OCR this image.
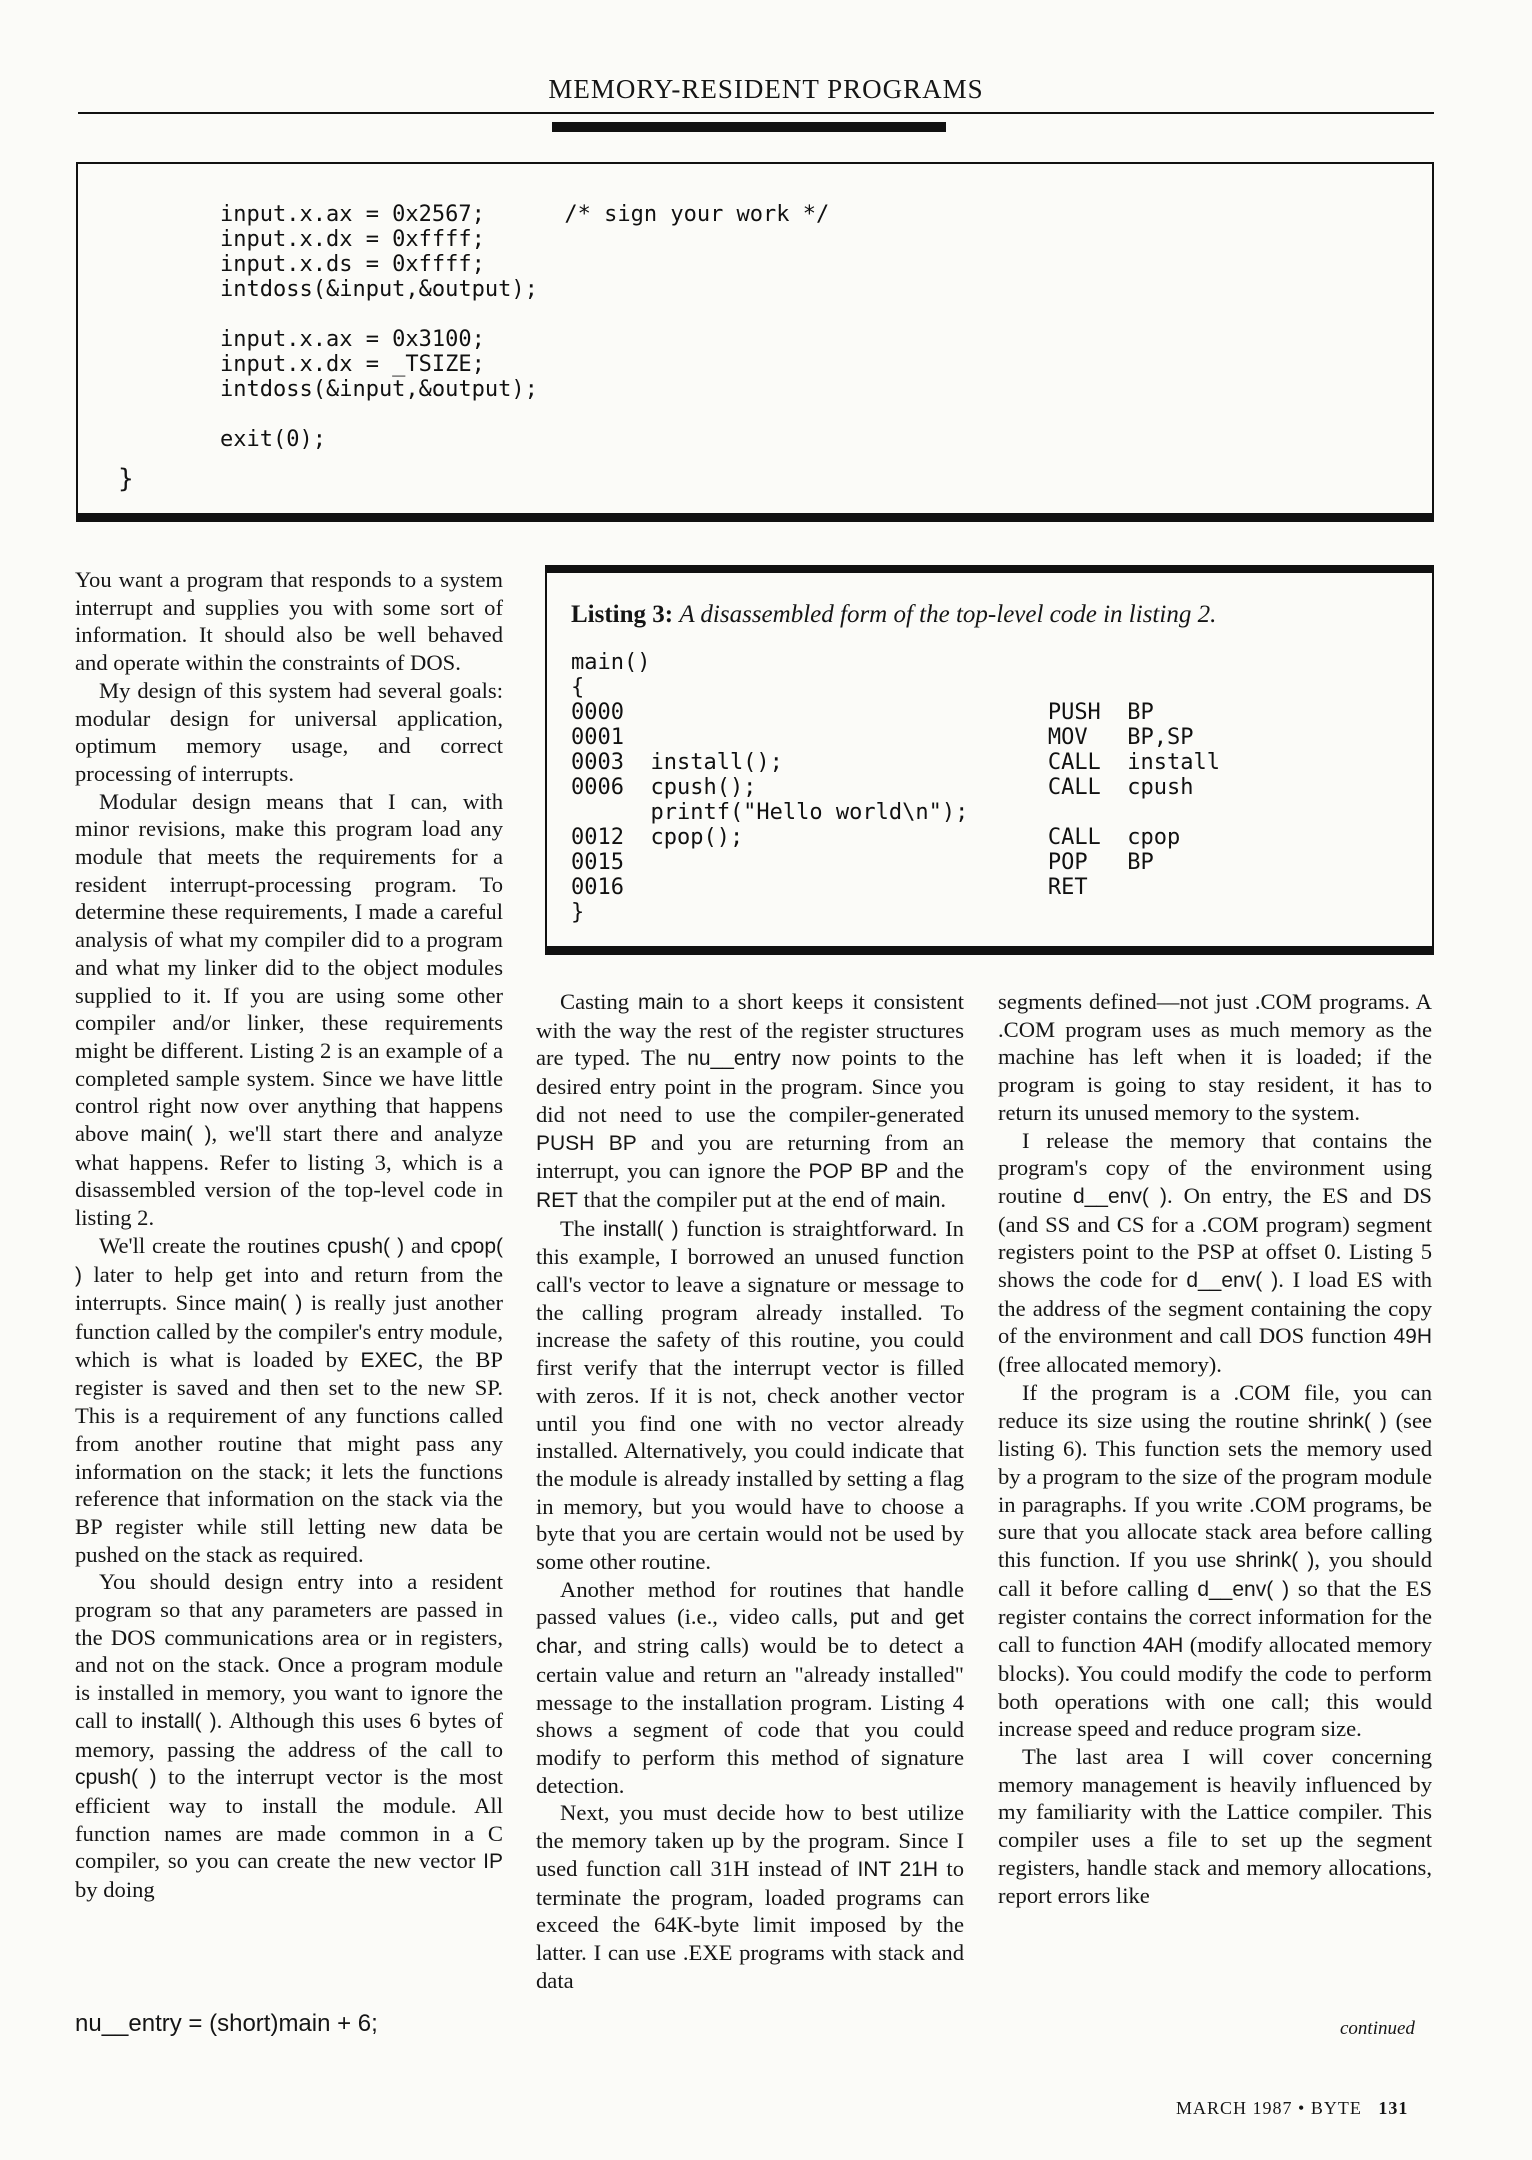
MEMORY-RESIDENT PROGRAMS
input.x.ax = 0x2567;      /* sign your work */
input.x.dx = 0xffff;
input.x.ds = 0xffff;
intdoss(&input,&output);

input.x.ax = 0x3100;
input.x.dx = _TSIZE;
intdoss(&input,&output);

exit(0);
}
Listing 3: A disassembled form of the top-level code in listing 2.
main()
{
0000                                PUSH  BP
0001                                MOV   BP,SP
0003  install();                    CALL  install
0006  cpush();                      CALL  cpush
printf("Hello world\n");
0012  cpop();                       CALL  cpop
0015                                POP   BP
0016                                RET
}

You want a program that responds to a system interrupt and supplies you with some sort of information. It should also be well behaved and operate within the constraints of DOS.

My design of this system had several goals: modular design for universal application, optimum memory usage, and correct processing of interrupts.

Modular design means that I can, with minor revisions, make this program load any module that meets the requirements for a resident interrupt-processing program. To determine these requirements, I made a careful analysis of what my compiler did to a program and what my linker did to the object modules supplied to it. If you are using some other compiler and/or linker, these requirements might be different. Listing 2 is an example of a completed sample system. Since we have little control right now over anything that happens above main( ), we'll start there and analyze what happens. Refer to listing 3, which is a disassembled version of the top-level code in listing 2.

We'll create the routines cpush( ) and cpop( ) later to help get into and return from the interrupts. Since main( ) is really just another function called by the compiler's entry module, which is what is loaded by EXEC, the BP register is saved and then set to the new SP. This is a requirement of any functions called from another routine that might pass any information on the stack; it lets the functions reference that information on the stack via the BP register while still letting new data be pushed on the stack as required.

You should design entry into a resident program so that any parameters are passed in the DOS communications area or in registers, and not on the stack. Once a program module is installed in memory, you want to ignore the call to install( ). Although this uses 6 bytes of memory, passing the address of the call to cpush( ) to the interrupt vector is the most efficient way to install the module. All function names are made common in a C compiler, so you can create the new vector IP by doing

nu__entry = (short)main + 6;

Casting main to a short keeps it consistent with the way the rest of the register structures are typed. The nu__entry now points to the desired entry point in the program. Since you did not need to use the compiler-generated PUSH BP and you are returning from an interrupt, you can ignore the POP BP and the RET that the compiler put at the end of main.

The install( ) function is straightforward. In this example, I borrowed an unused function call's vector to leave a signature or message to the calling program already installed. To increase the safety of this routine, you could first verify that the interrupt vector is filled with zeros. If it is not, check another vector until you find one with no vector already installed. Alternatively, you could indicate that the module is already installed by setting a flag in memory, but you would have to choose a byte that you are certain would not be used by some other routine.

Another method for routines that handle passed values (i.e., video calls, put and get char, and string calls) would be to detect a certain value and return an "already installed" message to the installation program. Listing 4 shows a segment of code that you could modify to perform this method of signature detection.

Next, you must decide how to best utilize the memory taken up by the program. Since I used function call 31H instead of INT 21H to terminate the program, loaded programs can exceed the 64K-byte limit imposed by the latter. I can use .EXE programs with stack and data

segments defined—not just .COM programs. A .COM program uses as much memory as the machine has left when it is loaded; if the program is going to stay resident, it has to return its unused memory to the system.

I release the memory that contains the program's copy of the environment using routine d__env( ). On entry, the ES and DS (and SS and CS for a .COM program) segment registers point to the PSP at offset 0. Listing 5 shows the code for d__env( ). I load ES with the address of the segment containing the copy of the environment and call DOS function 49H (free allocated memory).

If the program is a .COM file, you can reduce its size using the routine shrink( ) (see listing 6). This function sets the memory used by a program to the size of the program module in paragraphs. If you write .COM programs, be sure that you allocate stack area before calling this function. If you use shrink( ), you should call it before calling d__env( ) so that the ES register contains the correct information for the call to function 4AH (modify allocated memory blocks). You could modify the code to perform both operations with one call; this would increase speed and reduce program size.

The last area I will cover concerning memory management is heavily influenced by my familiarity with the Lattice compiler. This compiler uses a file to set up the segment registers, handle stack and memory allocations, report errors like

continued
MARCH 1987 • BYTE 131
